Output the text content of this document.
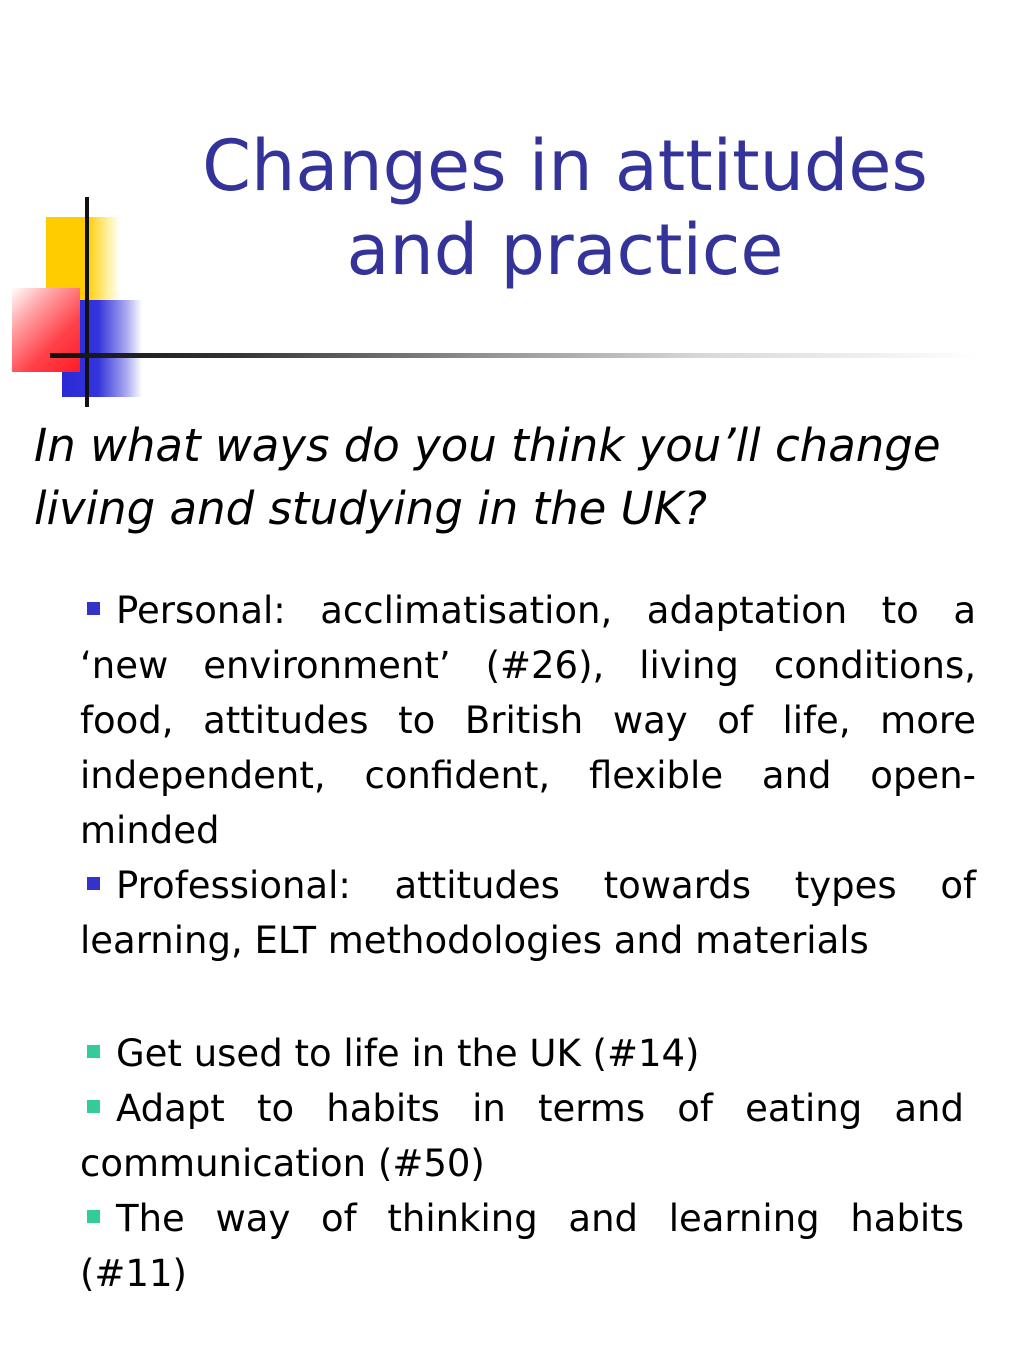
Changes in attitudes
and practice

In what ways do you think you’ll change
living and studying in the UK?

Personal: acclimatisation, adaptation to a ‘new environment’ (#26), living conditions, food, attitudes to British way of life, more independent, confident, flexible and open-minded
Professional: attitudes towards types of learning, ELT methodologies and materials
Get used to life in the UK (#14)
Adapt to habits in terms of eating and communication (#50)
The way of thinking and learning habits (#11)
